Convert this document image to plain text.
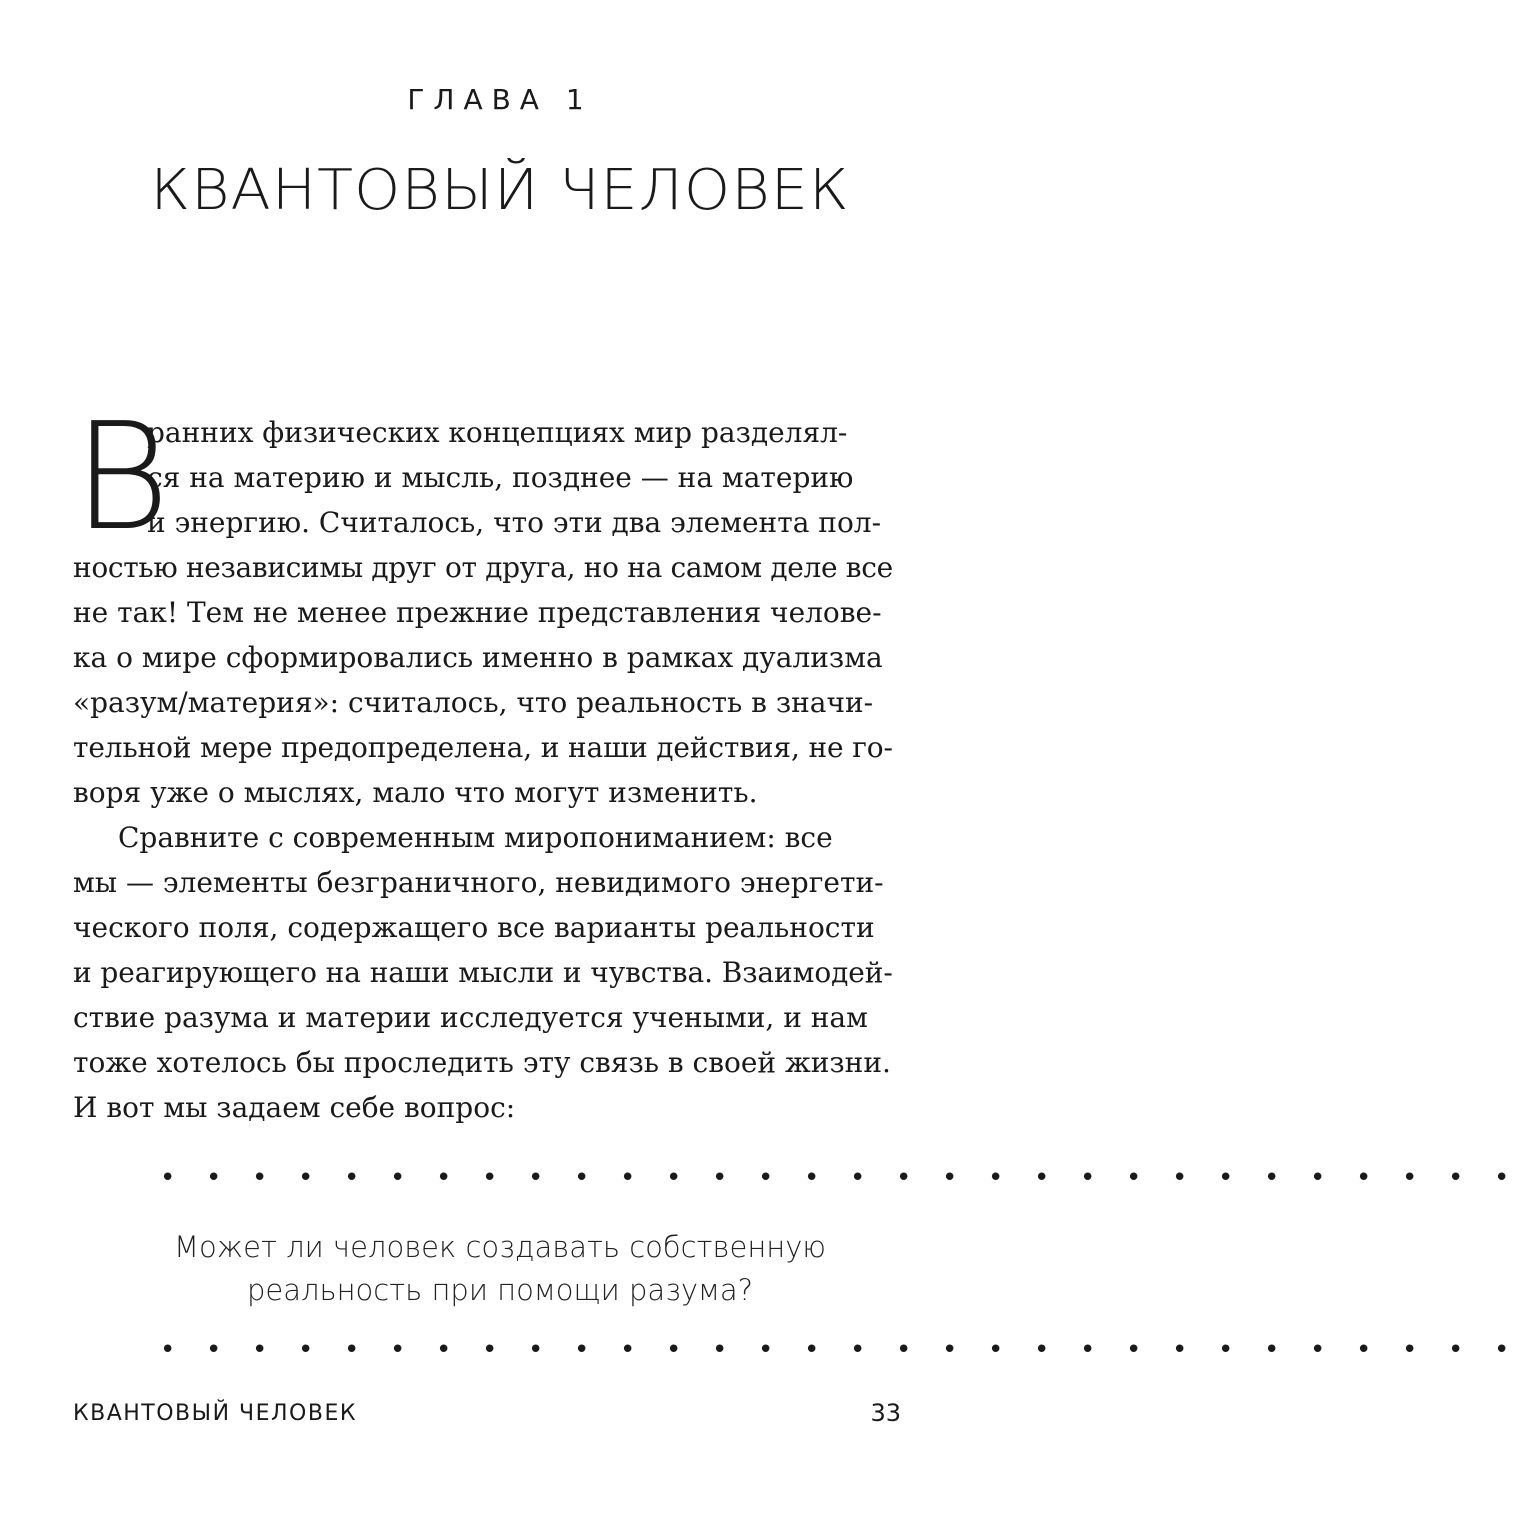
ГЛАВА 1
КВАНТОВЫЙ ЧЕЛОВЕК
В
ранних физических концепциях мир разделял-
ся на материю и мысль, позднее — на материю
и энергию. Считалось, что эти два элемента пол-
ностью независимы друг от друга, но на самом деле все
не так! Тем не менее прежние представления челове-
ка о мире сформировались именно в рамках дуализма
«разум/материя»: считалось, что реальность в значи-
тельной мере предопределена, и наши действия, не го-
воря уже о мыслях, мало что могут изменить.
Сравните с современным миропониманием: все
мы — элементы безграничного, невидимого энергети-
ческого поля, содержащего все варианты реальности
и реагирующего на наши мысли и чувства. Взаимодей-
ствие разума и материи исследуется учеными, и нам
тоже хотелось бы проследить эту связь в своей жизни.
И вот мы задаем себе вопрос:
• • • • • • • • • • • • • • • • • • • • • • • • • • • • • •
Может ли человек создавать собственную
реальность при помощи разума?
• • • • • • • • • • • • • • • • • • • • • • • • • • • • • •
КВАНТОВЫЙ ЧЕЛОВЕК	33
